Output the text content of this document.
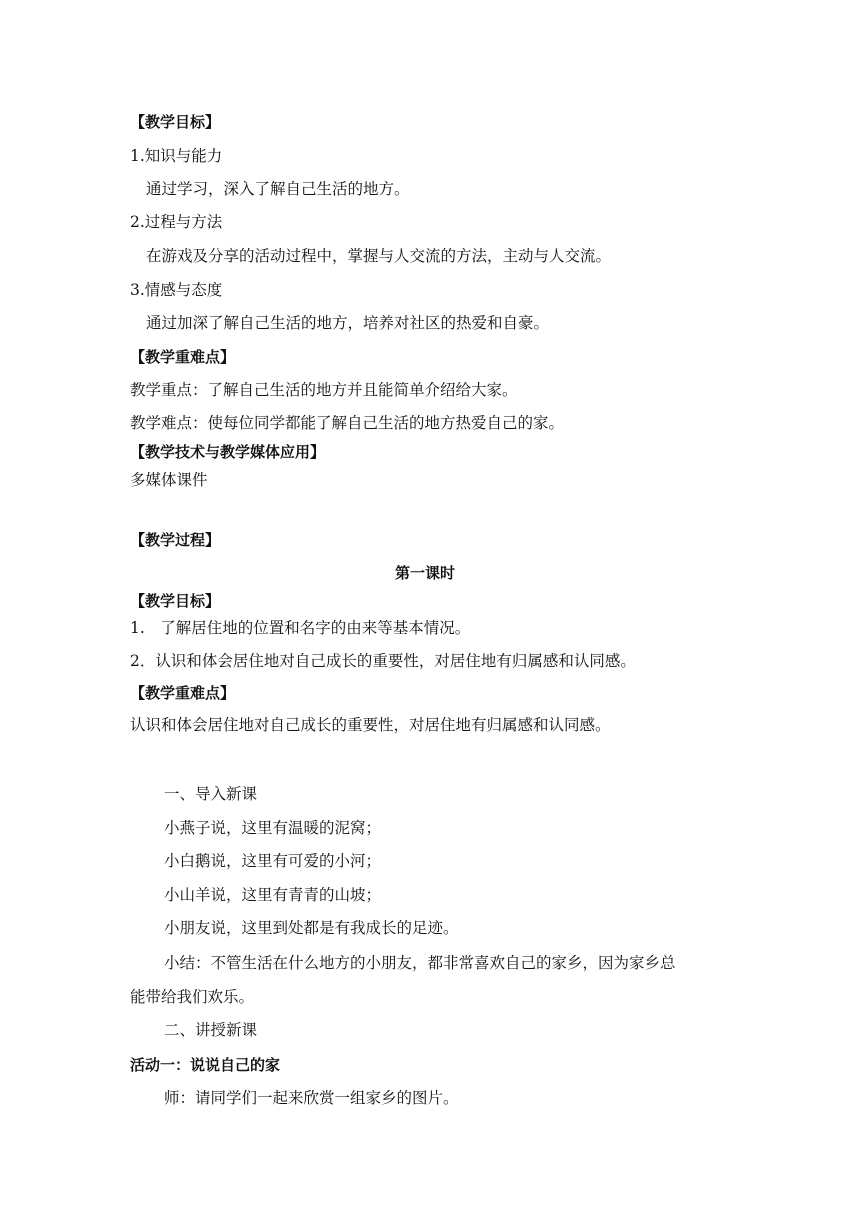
【教学目标】
1.知识与能力
通过学习，深入了解自己生活的地方。
2.过程与方法
在游戏及分享的活动过程中，掌握与人交流的方法，主动与人交流。
3.情感与态度
通过加深了解自己生活的地方，培养对社区的热爱和自豪。
【教学重难点】
教学重点：了解自己生活的地方并且能简单介绍给大家。
教学难点：使每位同学都能了解自己生活的地方热爱自己的家。
【教学技术与教学媒体应用】
多媒体课件
【教学过程】
第一课时
【教学目标】
1.　了解居住地的位置和名字的由来等基本情况。
2．认识和体会居住地对自己成长的重要性，对居住地有归属感和认同感。
【教学重难点】
认识和体会居住地对自己成长的重要性，对居住地有归属感和认同感。
一、导入新课
小燕子说，这里有温暖的泥窝；
小白鹅说，这里有可爱的小河；
小山羊说，这里有青青的山坡；
小朋友说，这里到处都是有我成长的足迹。
小结：不管生活在什么地方的小朋友，都非常喜欢自己的家乡，因为家乡总
能带给我们欢乐。
二、讲授新课
活动一：说说自己的家
师：请同学们一起来欣赏一组家乡的图片。
